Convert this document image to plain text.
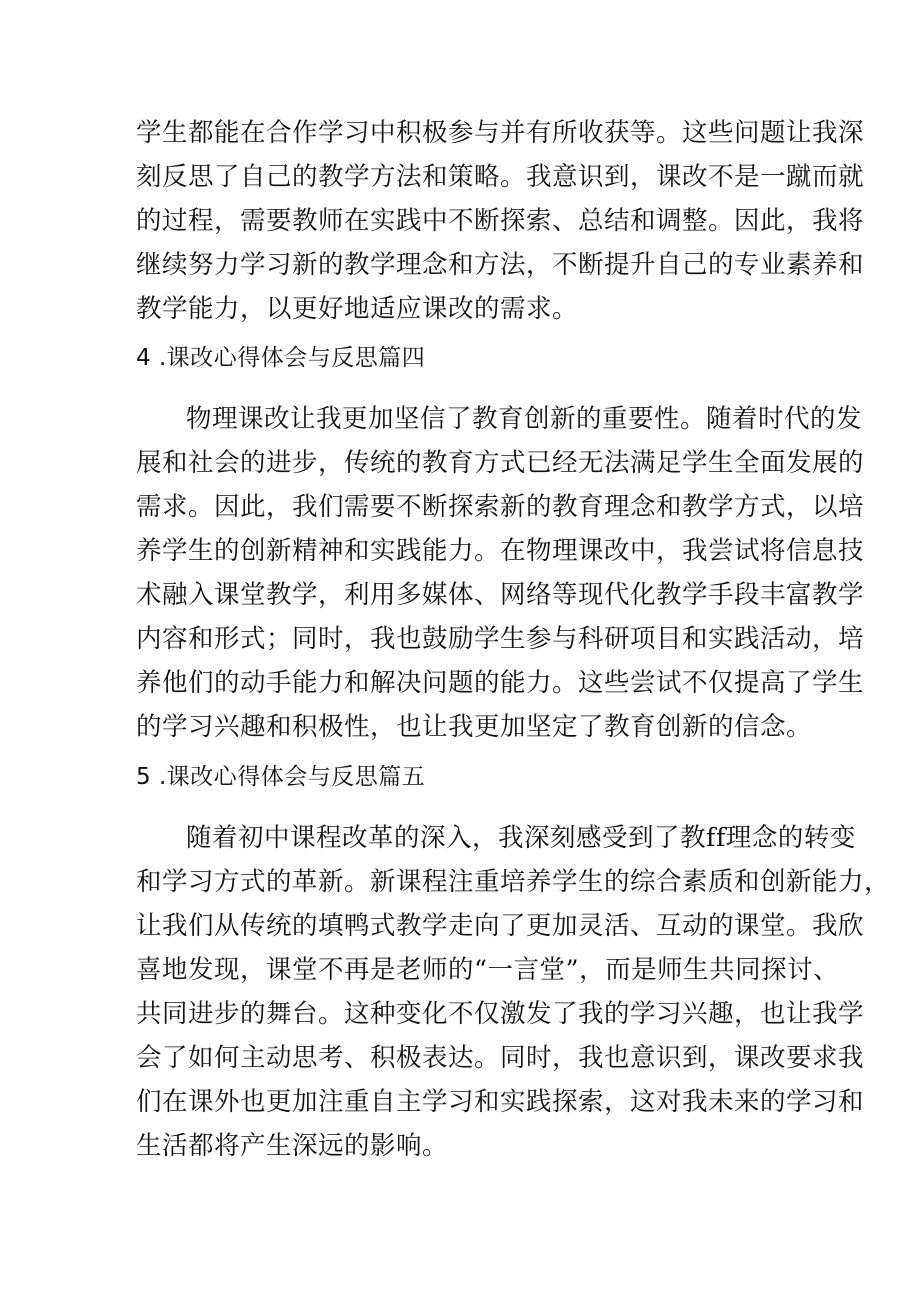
学生都能在合作学习中积极参与并有所收获等。这些问题让我深
刻反思了自己的教学方法和策略。我意识到，课改不是一蹴而就
的过程，需要教师在实践中不断探索、总结和调整。因此，我将
继续努力学习新的教学理念和方法，不断提升自己的专业素养和
教学能力，以更好地适应课改的需求。
4 .课改心得体会与反思篇四
物理课改让我更加坚信了教育创新的重要性。随着时代的发
展和社会的进步，传统的教育方式已经无法满足学生全面发展的
需求。因此，我们需要不断探索新的教育理念和教学方式，以培
养学生的创新精神和实践能力。在物理课改中，我尝试将信息技
术融入课堂教学，利用多媒体、网络等现代化教学手段丰富教学
内容和形式；同时，我也鼓励学生参与科研项目和实践活动，培
养他们的动手能力和解决问题的能力。这些尝试不仅提高了学生
的学习兴趣和积极性，也让我更加坚定了教育创新的信念。
5 .课改心得体会与反思篇五
随着初中课程改革的深入，我深刻感受到了教ff理念的转变
和学习方式的革新。新课程注重培养学生的综合素质和创新能力，
让我们从传统的填鸭式教学走向了更加灵活、互动的课堂。我欣
喜地发现，课堂不再是老师的“一言堂”，而是师生共同探讨、
共同进步的舞台。这种变化不仅激发了我的学习兴趣，也让我学
会了如何主动思考、积极表达。同时，我也意识到，课改要求我
们在课外也更加注重自主学习和实践探索，这对我未来的学习和
生活都将产生深远的影响。
